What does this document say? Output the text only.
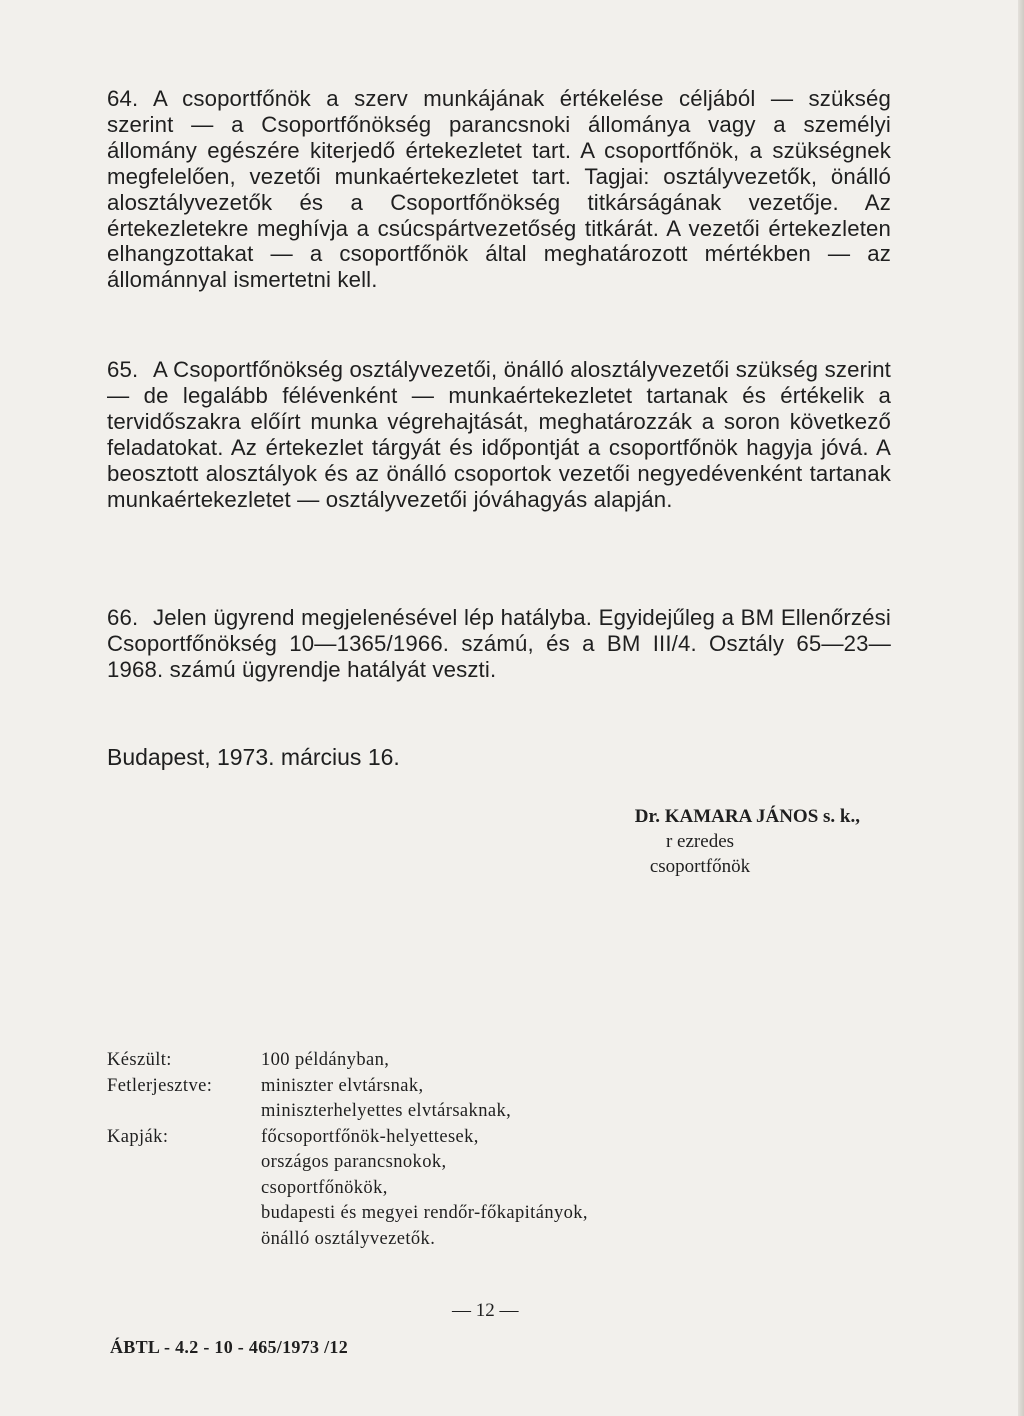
64. A csoportfőnök a szerv munkájának értékelése céljából — szükség szerint — a Csoportfőnökség parancsnoki állománya vagy a személyi állomány egészére kiterjedő értekezletet tart. A csoportfőnök, a szükségnek megfelelően, vezetői munkaértekezletet tart. Tagjai: osztályvezetők, önálló alosztályvezetők és a Csoportfőnökség titkárságának vezetője. Az értekezletekre meghívja a csúcspártvezetőség titkárát. A vezetői értekezleten elhangzottakat — a csoportfőnök által meghatározott mértékben — az állománnyal ismertetni kell.
65. A Csoportfőnökség osztályvezetői, önálló alosztályvezetői szükség szerint — de legalább félévenként — munkaértekezletet tartanak és értékelik a tervidőszakra előírt munka végrehajtását, meghatározzák a soron következő feladatokat. Az értekezlet tárgyát és időpontját a csoportfőnök hagyja jóvá. A beosztott alosztályok és az önálló csoportok vezetői negyedévenként tartanak munkaértekezletet — osztályvezetői jóváhagyás alapján.
66. Jelen ügyrend megjelenésével lép hatályba. Egyidejűleg a BM Ellenőrzési Csoportfőnökség 10—1365/1966. számú, és a BM III/4. Osztály 65—23—1968. számú ügyrendje hatályát veszti.
Budapest, 1973. március 16.
Dr. KAMARA JÁNOS s. k.,
r ezredes
csoportfőnök
Készült:	100 példányban,
Fetlerjesztve:	miniszter elvtársnak,
miniszterhelyettes elvtársaknak,
Kapják:	főcsoportfőnök-helyettesek,
országos parancsnokok,
csoportfőnökök,
budapesti és megyei rendőr-főkapitányok,
önálló osztályvezetők.
— 12 —
ÁBTL - 4.2 - 10 - 465/1973 /12
